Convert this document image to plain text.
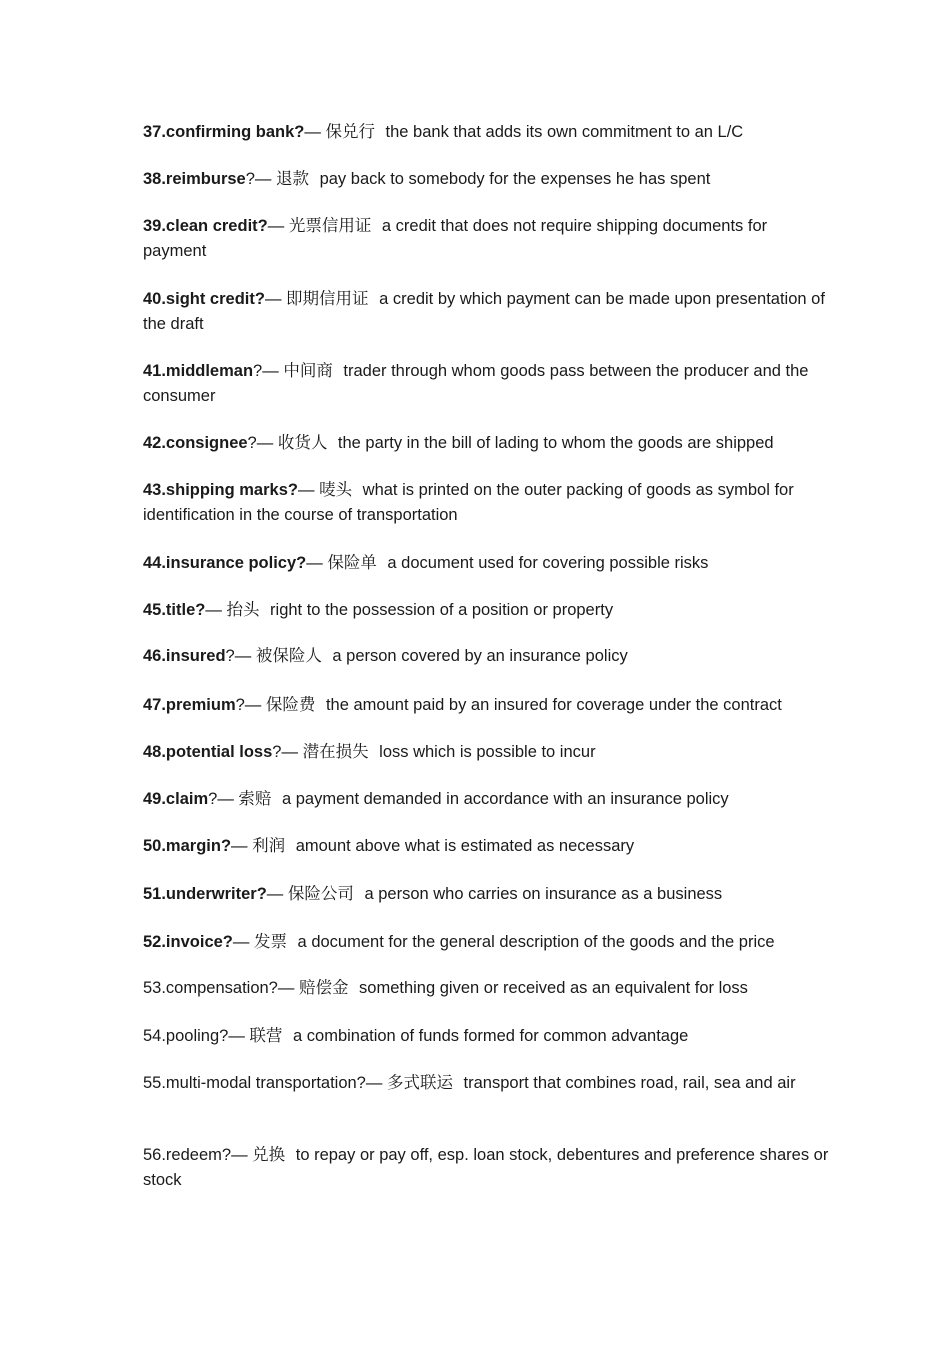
37.confirming bank?— 保兑行 the bank that adds its own commitment to an L/C

38.reimburse?— 退款 pay back to somebody for the expenses he has spent

39.clean credit?— 光票信用证 a credit that does not require shipping documents for payment

40.sight credit?— 即期信用证 a credit by which payment can be made upon presentation of the draft

41.middleman?— 中间商 trader through whom goods pass between the producer and the consumer

42.consignee?— 收货人 the party in the bill of lading to whom the goods are shipped

43.shipping marks?— 唛头 what is printed on the outer packing of goods as symbol for identification in the course of transportation

44.insurance policy?— 保险单 a document used for covering possible risks

45.title?— 抬头 right to the possession of a position or property

46.insured?— 被保险人 a person covered by an insurance policy

47.premium?— 保险费 the amount paid by an insured for coverage under the contract

48.potential loss?— 潜在损失 loss which is possible to incur

49.claim?— 索赔 a payment demanded in accordance with an insurance policy

50.margin?— 利润 amount above what is estimated as necessary

51.underwriter?— 保险公司 a person who carries on insurance as a business

52.invoice?— 发票 a document for the general description of the goods and the price

53.compensation?— 赔偿金 something given or received as an equivalent for loss

54.pooling?— 联营 a combination of funds formed for common advantage

55.multi-modal transportation?— 多式联运 transport that combines road, rail, sea and air

56.redeem?— 兑换 to repay or pay off, esp. loan stock, debentures and preference shares or stock
